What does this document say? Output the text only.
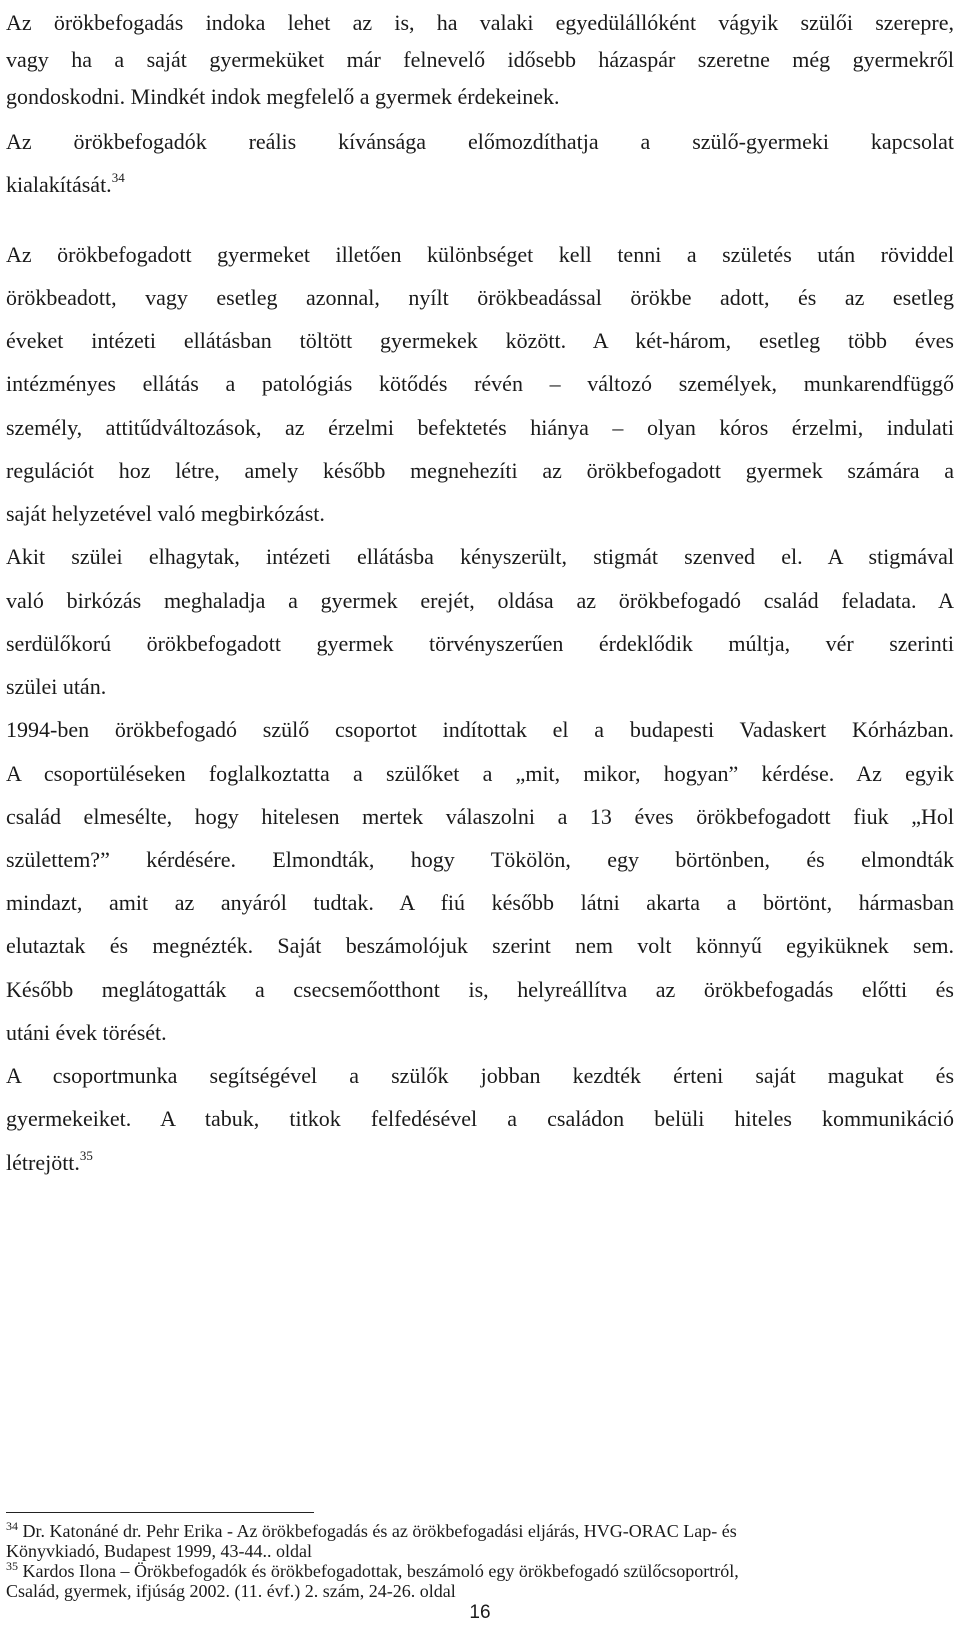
Az örökbefogadás indoka lehet az is, ha valaki egyedülállóként vágyik szülői szerepre,
vagy ha a saját gyermeküket már felnevelő idősebb házaspár szeretne még gyermekről
gondoskodni. Mindkét indok megfelelő a gyermek érdekeinek.
Az örökbefogadók reális kívánsága előmozdíthatja a szülő-gyermeki kapcsolat
kialakítását.$^{34}$
Az örökbefogadott gyermeket illetően különbséget kell tenni a születés után röviddel
örökbeadott, vagy esetleg azonnal, nyílt örökbeadással örökbe adott, és az esetleg
éveket intézeti ellátásban töltött gyermekek között. A két-három, esetleg több éves
intézményes ellátás a patológiás kötődés révén – változó személyek, munkarendfüggő
személy, attitűdváltozások, az érzelmi befektetés hiánya – olyan kóros érzelmi, indulati
regulációt hoz létre, amely később megnehezíti az örökbefogadott gyermek számára a
saját helyzetével való megbirkózást.
Akit szülei elhagytak, intézeti ellátásba kényszerült, stigmát szenved el. A stigmával
való birkózás meghaladja a gyermek erejét, oldása az örökbefogadó család feladata. A
serdülőkorú örökbefogadott gyermek törvényszerűen érdeklődik múltja, vér szerinti
szülei után.
1994-ben örökbefogadó szülő csoportot indítottak el a budapesti Vadaskert Kórházban.
A csoportüléseken foglalkoztatta a szülőket a „mit, mikor, hogyan” kérdése. Az egyik
család elmesélte, hogy hitelesen mertek válaszolni a 13 éves örökbefogadott fiuk „Hol
születtem?” kérdésére. Elmondták, hogy Tökölön, egy börtönben, és elmondták
mindazt, amit az anyáról tudtak. A fiú később látni akarta a börtönt, hármasban
elutaztak és megnézték. Saját beszámolójuk szerint nem volt könnyű egyiküknek sem.
Később meglátogatták a csecsemőotthont is, helyreállítva az örökbefogadás előtti és
utáni évek törését.
A csoportmunka segítségével a szülők jobban kezdték érteni saját magukat és
gyermekeiket. A tabuk, titkok felfedésével a családon belüli hiteles kommunikáció
létrejött.$^{35}$
$^{34}$ Dr. Katonáné dr. Pehr Erika - Az örökbefogadás és az örökbefogadási eljárás, HVG-ORAC Lap- és
Könyvkiadó, Budapest 1999, 43-44.. oldal
$^{35}$ Kardos Ilona – Örökbefogadók és örökbefogadottak, beszámoló egy örökbefogadó szülőcsoportról,
Család, gyermek, ifjúság 2002. (11. évf.) 2. szám, 24-26. oldal
16
